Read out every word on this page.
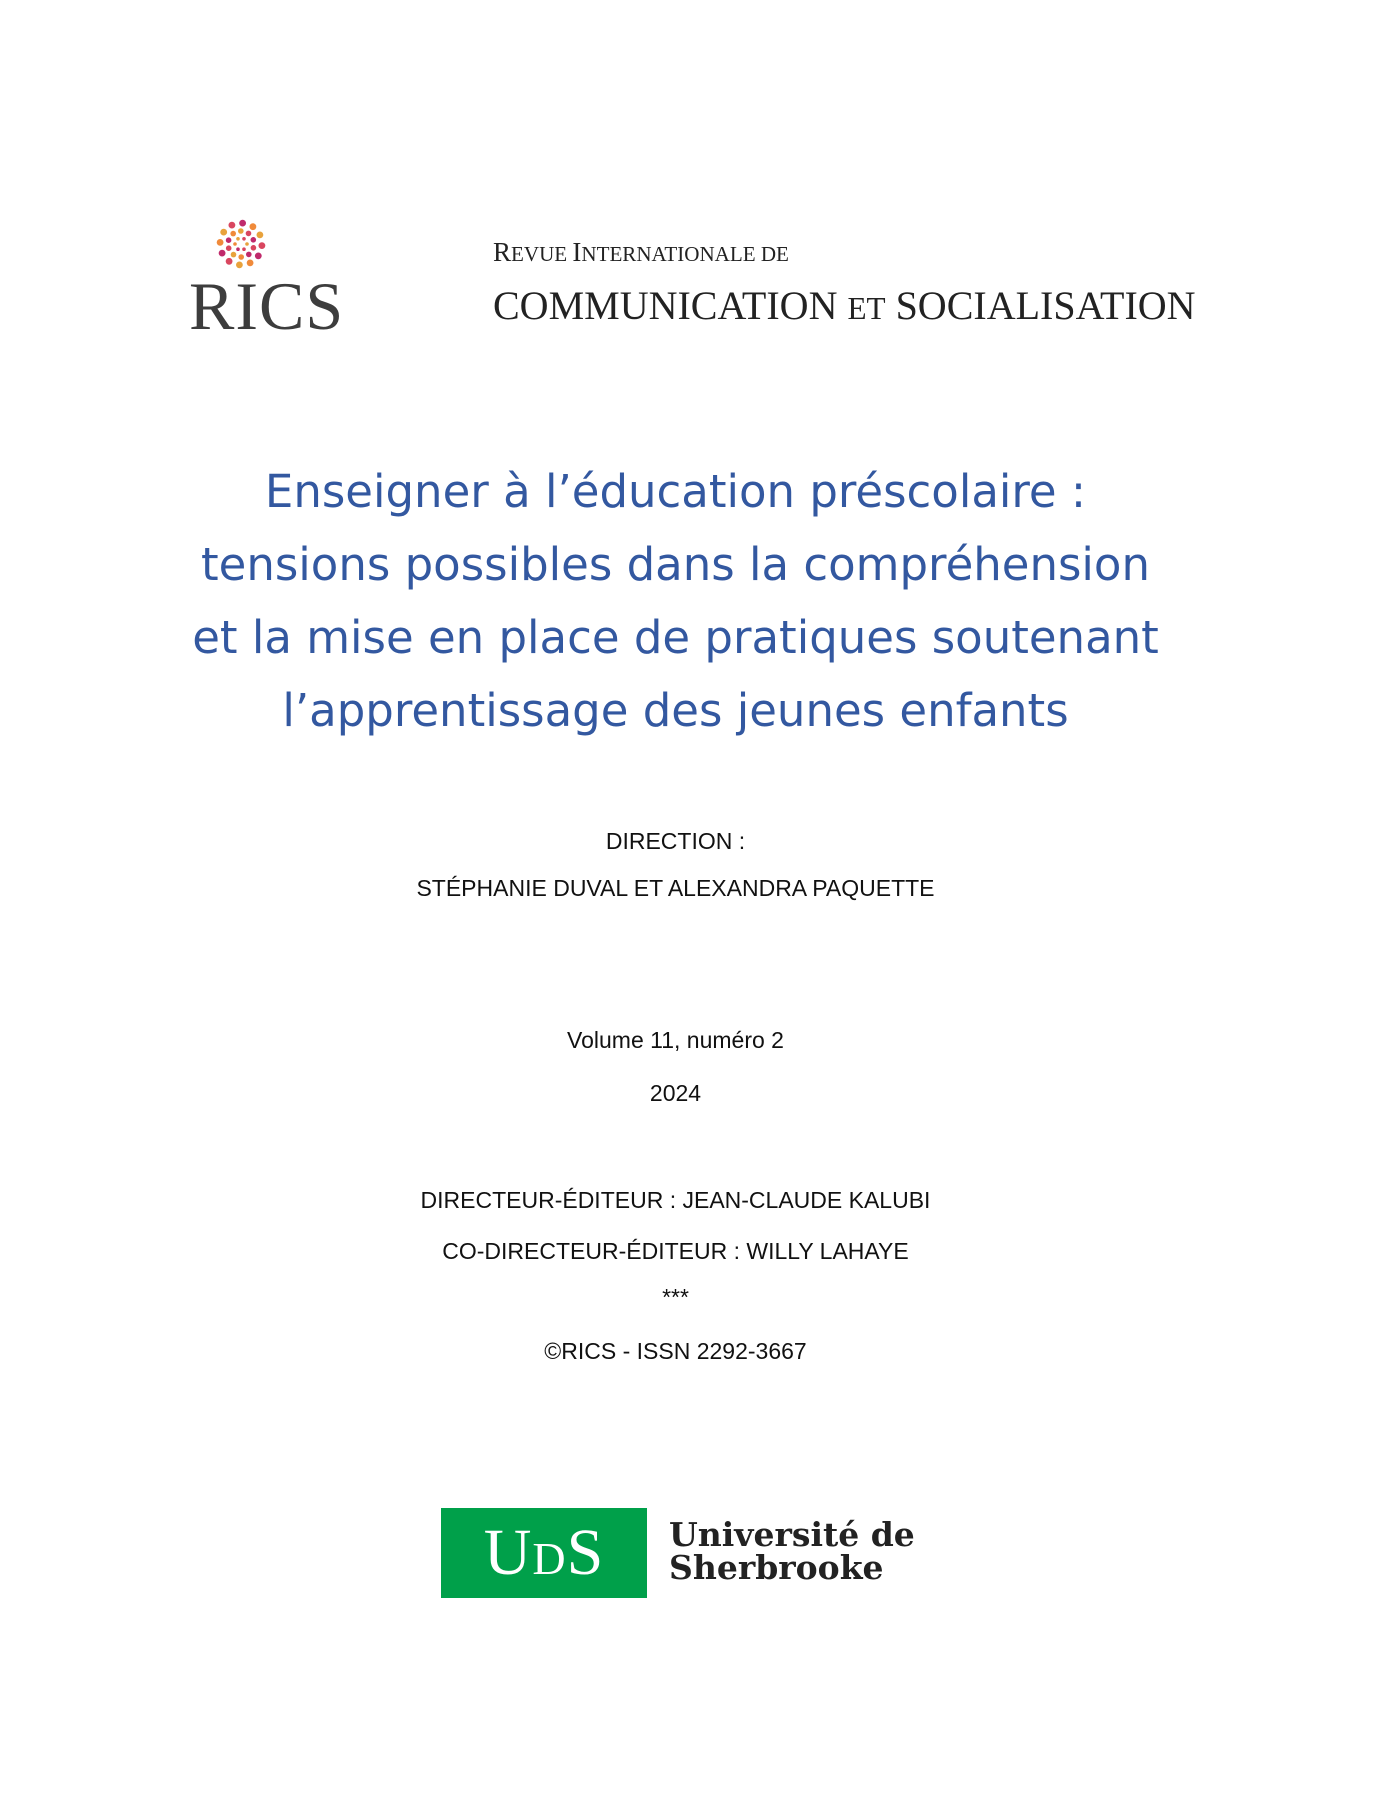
RICS
REVUE INTERNATIONALE DE
COMMUNICATION ET SOCIALISATION
Enseigner à l’éducation préscolaire :
tensions possibles dans la compréhension
et la mise en place de pratiques soutenant
l’apprentissage des jeunes enfants
DIRECTION :
STÉPHANIE DUVAL ET ALEXANDRA PAQUETTE
Volume 11, numéro 2
2024
DIRECTEUR-ÉDITEUR : JEAN-CLAUDE KALUBI
CO-DIRECTEUR-ÉDITEUR : WILLY LAHAYE
***
©RICS - ISSN 2292-3667
UDS	Université de
Sherbrooke
